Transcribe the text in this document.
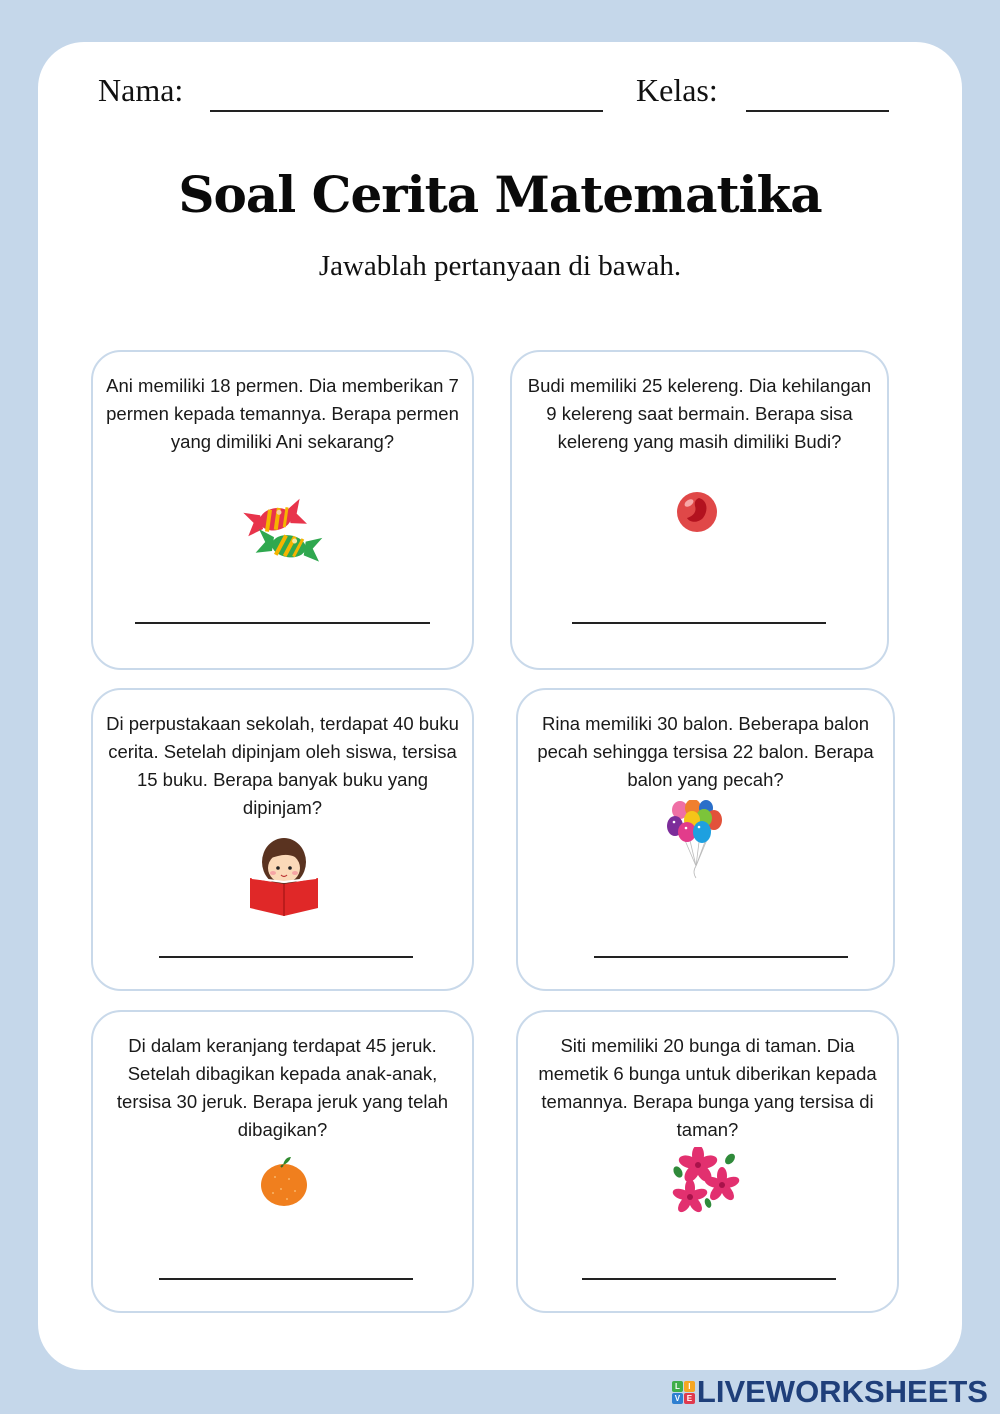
Nama:	Kelas:
Soal Cerita Matematika
Jawablah pertanyaan di bawah.
Ani memiliki 18 permen. Dia memberikan 7 permen kepada temannya. Berapa permen yang dimiliki Ani sekarang?
Budi memiliki 25 kelereng. Dia kehilangan 9 kelereng saat bermain. Berapa sisa kelereng yang masih dimiliki Budi?
Di perpustakaan sekolah, terdapat 40 buku cerita. Setelah dipinjam oleh siswa, tersisa 15 buku. Berapa banyak buku yang dipinjam?
Rina memiliki 30 balon. Beberapa balon pecah sehingga tersisa 22 balon. Berapa balon yang pecah?
Di dalam keranjang terdapat 45 jeruk. Setelah dibagikan kepada anak-anak, tersisa 30 jeruk. Berapa jeruk yang telah dibagikan?
Siti memiliki 20 bunga di taman. Dia memetik 6 bunga untuk diberikan kepada temannya. Berapa bunga yang tersisa di taman?
L	I
V E LIVEWORKSHEETS
